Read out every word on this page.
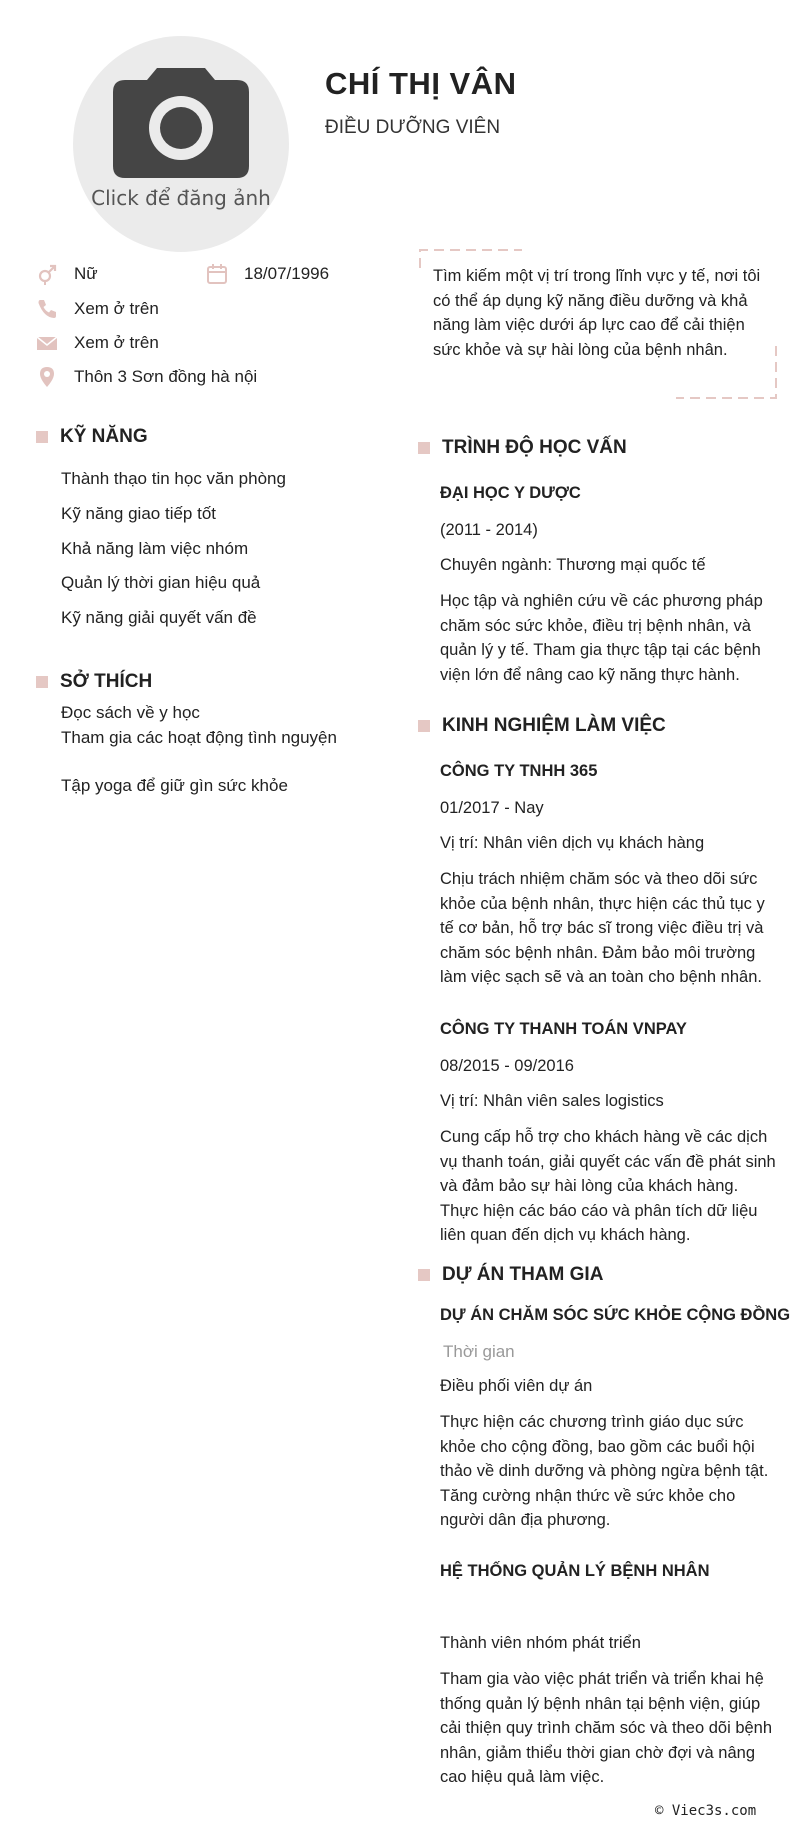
Click để đăng ảnh
CHÍ THỊ VÂN
ĐIỀU DƯỠNG VIÊN
Nữ	18/07/1996
Xem ở trên
Xem ở trên
Thôn 3 Sơn đồng hà nội
Tìm kiếm một vị trí trong lĩnh vực y tế, nơi tôi có thể áp dụng kỹ năng điều dưỡng và khả năng làm việc dưới áp lực cao để cải thiện sức khỏe và sự hài lòng của bệnh nhân.
KỸ NĂNG
Thành thạo tin học văn phòng
Kỹ năng giao tiếp tốt
Khả năng làm việc nhóm
Quản lý thời gian hiệu quả
Kỹ năng giải quyết vấn đề
SỞ THÍCH
Đọc sách về y học
Tham gia các hoạt động tình nguyện
Tập yoga để giữ gìn sức khỏe
TRÌNH ĐỘ HỌC VẤN
ĐẠI HỌC Y DƯỢC
(2011 - 2014)
Chuyên ngành: Thương mại quốc tế
Học tập và nghiên cứu về các phương pháp chăm sóc sức khỏe, điều trị bệnh nhân, và quản lý y tế. Tham gia thực tập tại các bệnh viện lớn để nâng cao kỹ năng thực hành.
KINH NGHIỆM LÀM VIỆC
CÔNG TY TNHH 365
01/2017 - Nay
Vị trí: Nhân viên dịch vụ khách hàng
Chịu trách nhiệm chăm sóc và theo dõi sức khỏe của bệnh nhân, thực hiện các thủ tục y tế cơ bản, hỗ trợ bác sĩ trong việc điều trị và chăm sóc bệnh nhân. Đảm bảo môi trường làm việc sạch sẽ và an toàn cho bệnh nhân.
CÔNG TY THANH TOÁN VNPAY
08/2015 - 09/2016
Vị trí: Nhân viên sales logistics
Cung cấp hỗ trợ cho khách hàng về các dịch vụ thanh toán, giải quyết các vấn đề phát sinh và đảm bảo sự hài lòng của khách hàng. Thực hiện các báo cáo và phân tích dữ liệu liên quan đến dịch vụ khách hàng.
DỰ ÁN THAM GIA
DỰ ÁN CHĂM SÓC SỨC KHỎE CỘNG ĐỒNG
Thời gian
Điều phối viên dự án
Thực hiện các chương trình giáo dục sức khỏe cho cộng đồng, bao gồm các buổi hội thảo về dinh dưỡng và phòng ngừa bệnh tật. Tăng cường nhận thức về sức khỏe cho người dân địa phương.
HỆ THỐNG QUẢN LÝ BỆNH NHÂN
Thành viên nhóm phát triển
Tham gia vào việc phát triển và triển khai hệ thống quản lý bệnh nhân tại bệnh viện, giúp cải thiện quy trình chăm sóc và theo dõi bệnh nhân, giảm thiểu thời gian chờ đợi và nâng cao hiệu quả làm việc.
© Viec3s.com
